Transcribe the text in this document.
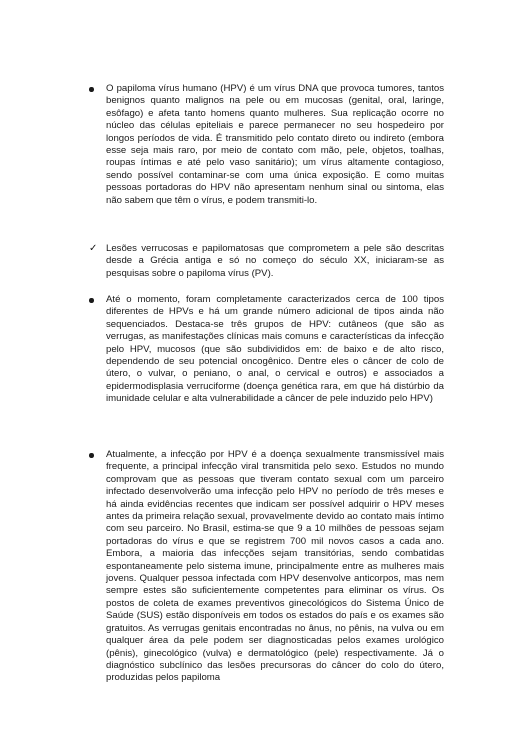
O papiloma vírus humano (HPV) é um vírus DNA que provoca tumores, tantos benignos quanto malignos na pele ou em mucosas (genital, oral, laringe, esôfago) e afeta tanto homens quanto mulheres. Sua replicação ocorre no núcleo das células epiteliais e parece permanecer no seu hospedeiro por longos períodos de vida. É transmitido pelo contato direto ou indireto (embora esse seja mais raro, por meio de contato com mão, pele, objetos, toalhas, roupas íntimas e até pelo vaso sanitário); um vírus altamente contagioso, sendo possível contaminar-se com uma única exposição. E como muitas pessoas portadoras do HPV não apresentam nenhum sinal ou sintoma, elas não sabem que têm o vírus, e podem transmiti-lo.
✓ Lesões verrucosas e papilomatosas que comprometem a pele são descritas desde a Grécia antiga e só no começo do século XX, iniciaram-se as pesquisas sobre o papiloma vírus (PV).
Até o momento, foram completamente caracterizados cerca de 100 tipos diferentes de HPVs e há um grande número adicional de tipos ainda não sequenciados. Destaca-se três grupos de HPV: cutâneos (que são as verrugas, as manifestações clínicas mais comuns e características da infecção pelo HPV, mucosos (que são subdivididos em: de baixo e de alto risco, dependendo de seu potencial oncogênico. Dentre eles o câncer de colo de útero, o vulvar, o peniano, o anal, o cervical e outros) e associados a epidermodisplasia verruciforme (doença genética rara, em que há distúrbio da imunidade celular e alta vulnerabilidade a câncer de pele induzido pelo HPV)
Atualmente, a infecção por HPV é a doença sexualmente transmissível mais frequente, a principal infecção viral transmitida pelo sexo. Estudos no mundo comprovam que as pessoas que tiveram contato sexual com um parceiro infectado desenvolverão uma infecção pelo HPV no período de três meses e há ainda evidências recentes que indicam ser possível adquirir o HPV meses antes da primeira relação sexual, provavelmente devido ao contato mais íntimo com seu parceiro. No Brasil, estima-se que 9 a 10 milhões de pessoas sejam portadoras do vírus e que se registrem 700 mil novos casos a cada ano. Embora, a maioria das infecções sejam transitórias, sendo combatidas espontaneamente pelo sistema imune, principalmente entre as mulheres mais jovens. Qualquer pessoa infectada com HPV desenvolve anticorpos, mas nem sempre estes são suficientemente competentes para eliminar os vírus. Os postos de coleta de exames preventivos ginecológicos do Sistema Único de Saúde (SUS) estão disponíveis em todos os estados do país e os exames são gratuitos. As verrugas genitais encontradas no ânus, no pênis, na vulva ou em qualquer área da pele podem ser diagnosticadas pelos exames urológico (pênis), ginecológico (vulva) e dermatológico (pele) respectivamente. Já o diagnóstico subclínico das lesões precursoras do câncer do colo do útero, produzidas pelos papiloma
